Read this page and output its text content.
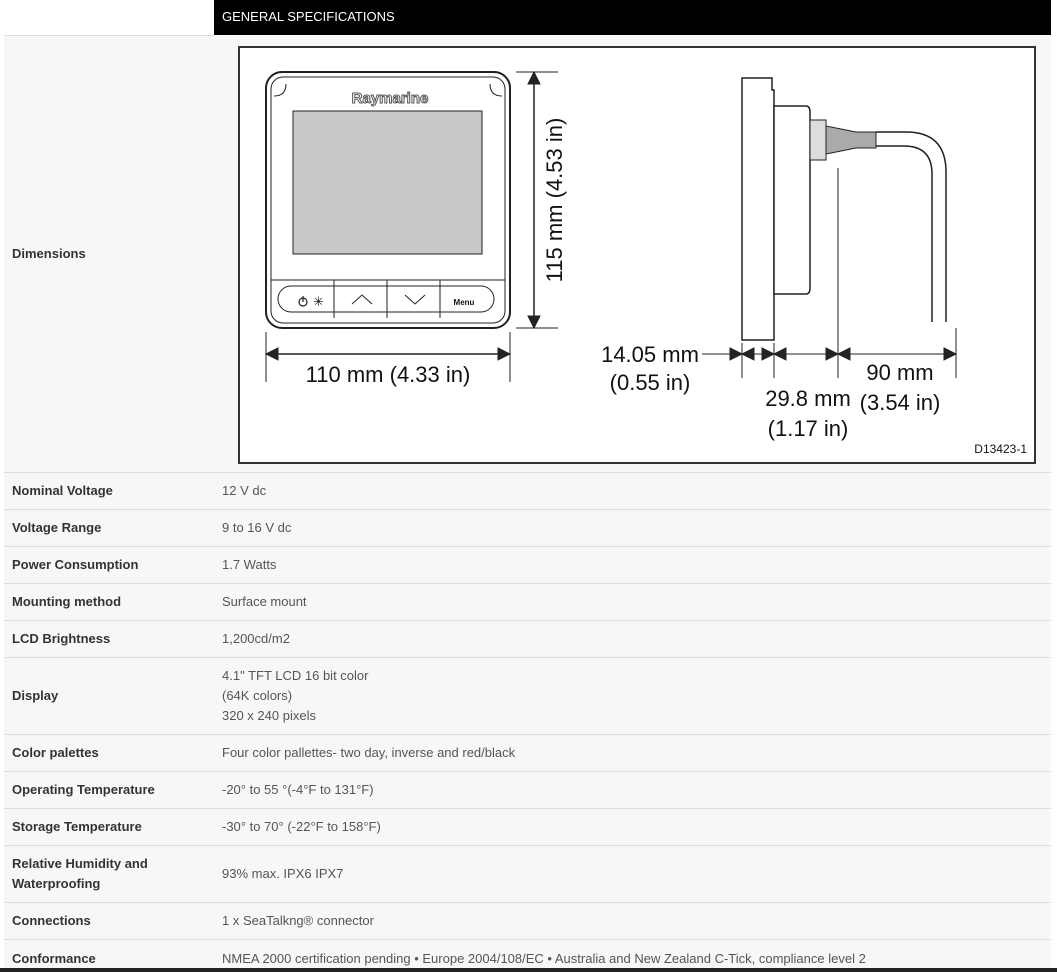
GENERAL SPECIFICATIONS
Dimensions
Raymarine
✳	Menu
115 mm (4.53 in)
110 mm (4.33 in)
14.05 mm
(0.55 in)
29.8 mm
(1.17 in)
90 mm
(3.54 in)
D13423-1
Nominal Voltage	12 V dc
Voltage Range	9 to 16 V dc
Power Consumption	1.7 Watts
Mounting method	Surface mount
LCD Brightness	1,200cd/m2
Display
4.1" TFT LCD 16 bit color
(64K colors)
320 x 240 pixels
Color palettes	Four color pallettes- two day, inverse and red/black
Operating Temperature	-20° to 55 °(-4°F to 131°F)
Storage Temperature	-30° to 70° (-22°F to 158°F)
Relative Humidity and
Waterproofing
93% max. IPX6 IPX7
Connections	1 x SeaTalkng® connector
Conformance	NMEA 2000 certification pending • Europe 2004/108/EC • Australia and New Zealand C-Tick, compliance level 2
